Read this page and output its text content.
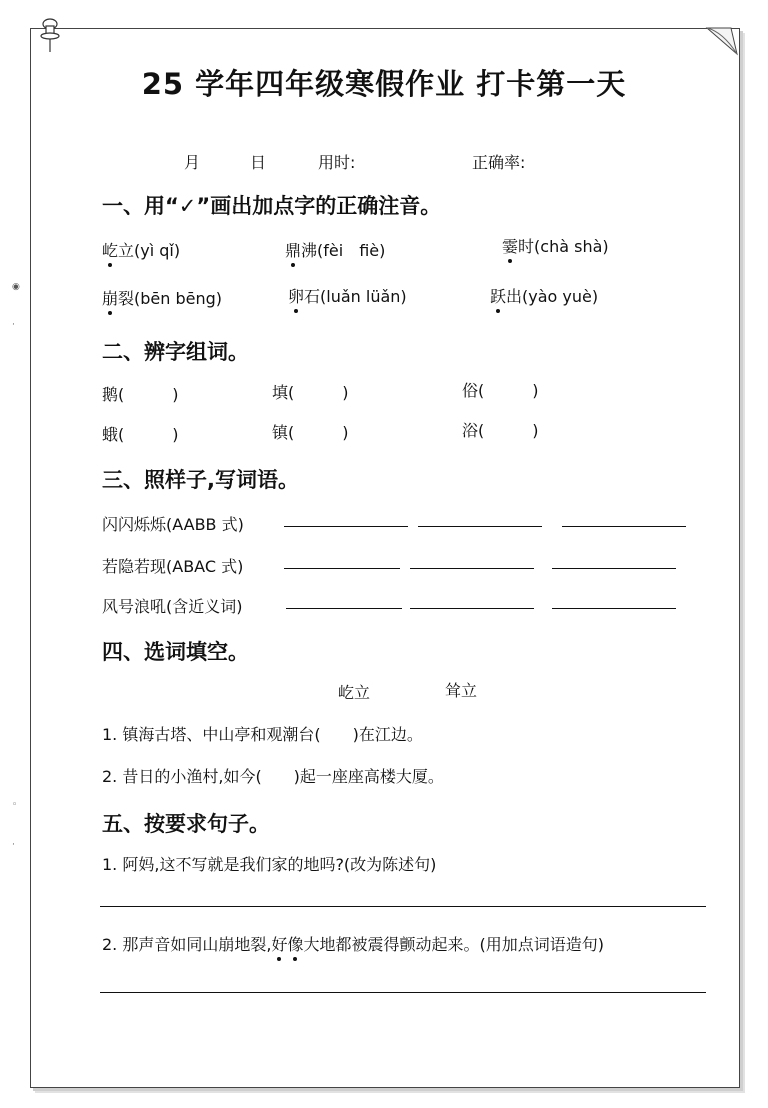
◉
·
◦
·
25 学年四年级寒假作业 打卡第一天
月	日	用时:	正确率:
一、用“✓”画出加点字的正确注音。
屹立(yì qǐ)	鼎沸(fèi　fiè)	霎时(chà shà)
崩裂(bēn bēng)	卵石(luǎn lüǎn)	跃出(yào yuè)
二、辨字组词。
鹅(　　　)	填(　　　)	俗(　　　)
蛾(　　　)	镇(　　　)	浴(　　　)
三、照样子,写词语。
闪闪烁烁(AABB 式)
若隐若现(ABAC 式)
风号浪吼(含近义词)
四、选词填空。
屹立	耸立
1. 镇海古塔、中山亭和观潮台(　　)在江边。
2. 昔日的小渔村,如今(　　)起一座座高楼大厦。
五、按要求句子。
1. 阿妈,这不写就是我们家的地吗?(改为陈述句)
2. 那声音如同山崩地裂,好像大地都被震得颤动起来。(用加点词语造句)
